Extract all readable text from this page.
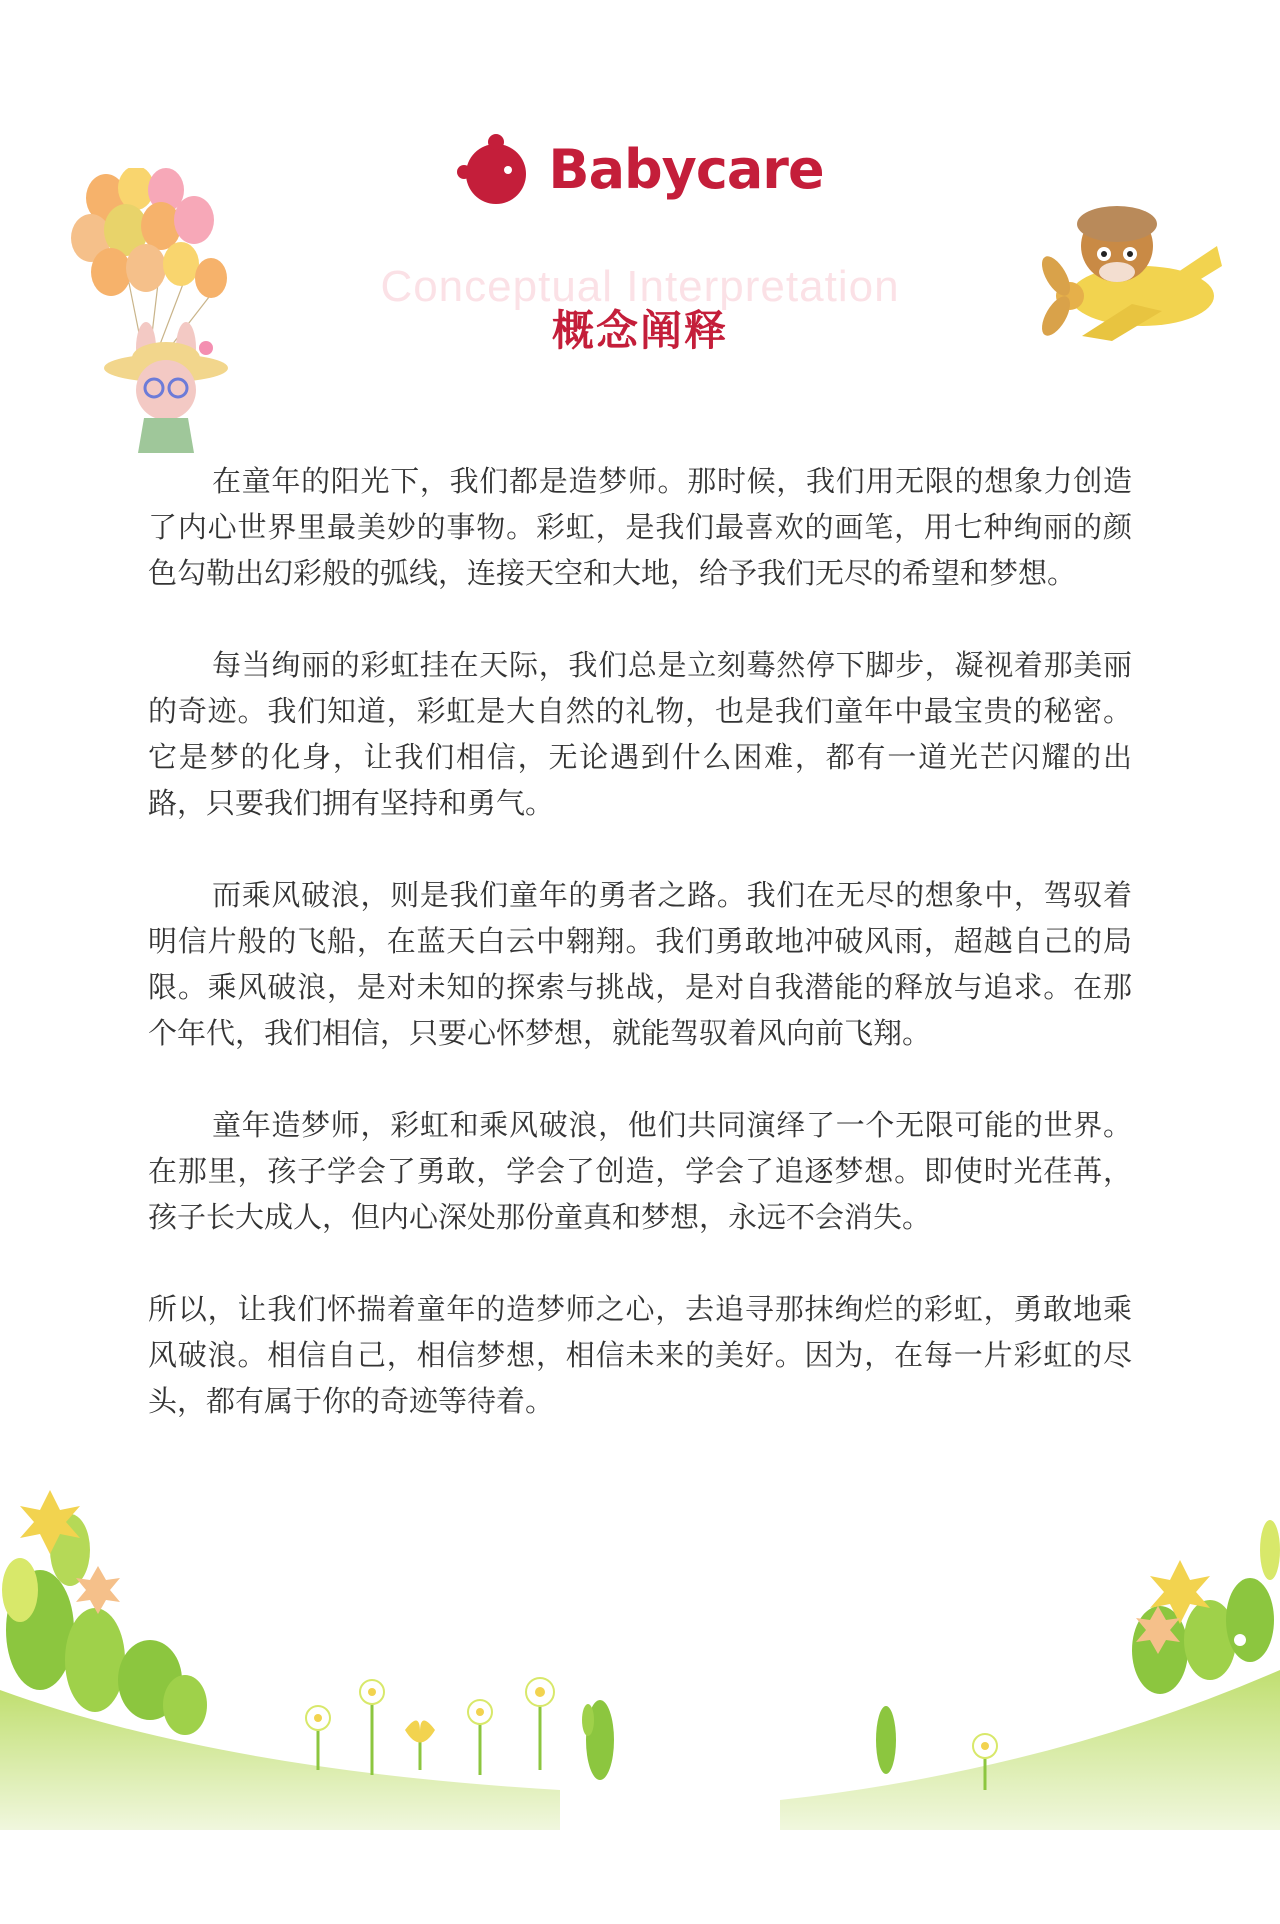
Babycare
Conceptual Interpretation
概念阐释

在童年的阳光下，我们都是造梦师。那时候，我们用无限的想象力创造了内心世界里最美妙的事物。彩虹，是我们最喜欢的画笔，用七种绚丽的颜色勾勒出幻彩般的弧线，连接天空和大地，给予我们无尽的希望和梦想。

每当绚丽的彩虹挂在天际，我们总是立刻蓦然停下脚步，凝视着那美丽的奇迹。我们知道，彩虹是大自然的礼物，也是我们童年中最宝贵的秘密。它是梦的化身，让我们相信，无论遇到什么困难，都有一道光芒闪耀的出路，只要我们拥有坚持和勇气。

而乘风破浪，则是我们童年的勇者之路。我们在无尽的想象中，驾驭着明信片般的飞船，在蓝天白云中翱翔。我们勇敢地冲破风雨，超越自己的局限。乘风破浪，是对未知的探索与挑战，是对自我潜能的释放与追求。在那个年代，我们相信，只要心怀梦想，就能驾驭着风向前飞翔。

童年造梦师，彩虹和乘风破浪，他们共同演绎了一个无限可能的世界。在那里，孩子学会了勇敢，学会了创造，学会了追逐梦想。即使时光荏苒，孩子长大成人，但内心深处那份童真和梦想，永远不会消失。

所以，让我们怀揣着童年的造梦师之心，去追寻那抹绚烂的彩虹，勇敢地乘风破浪。相信自己，相信梦想，相信未来的美好。因为，在每一片彩虹的尽头，都有属于你的奇迹等待着。
